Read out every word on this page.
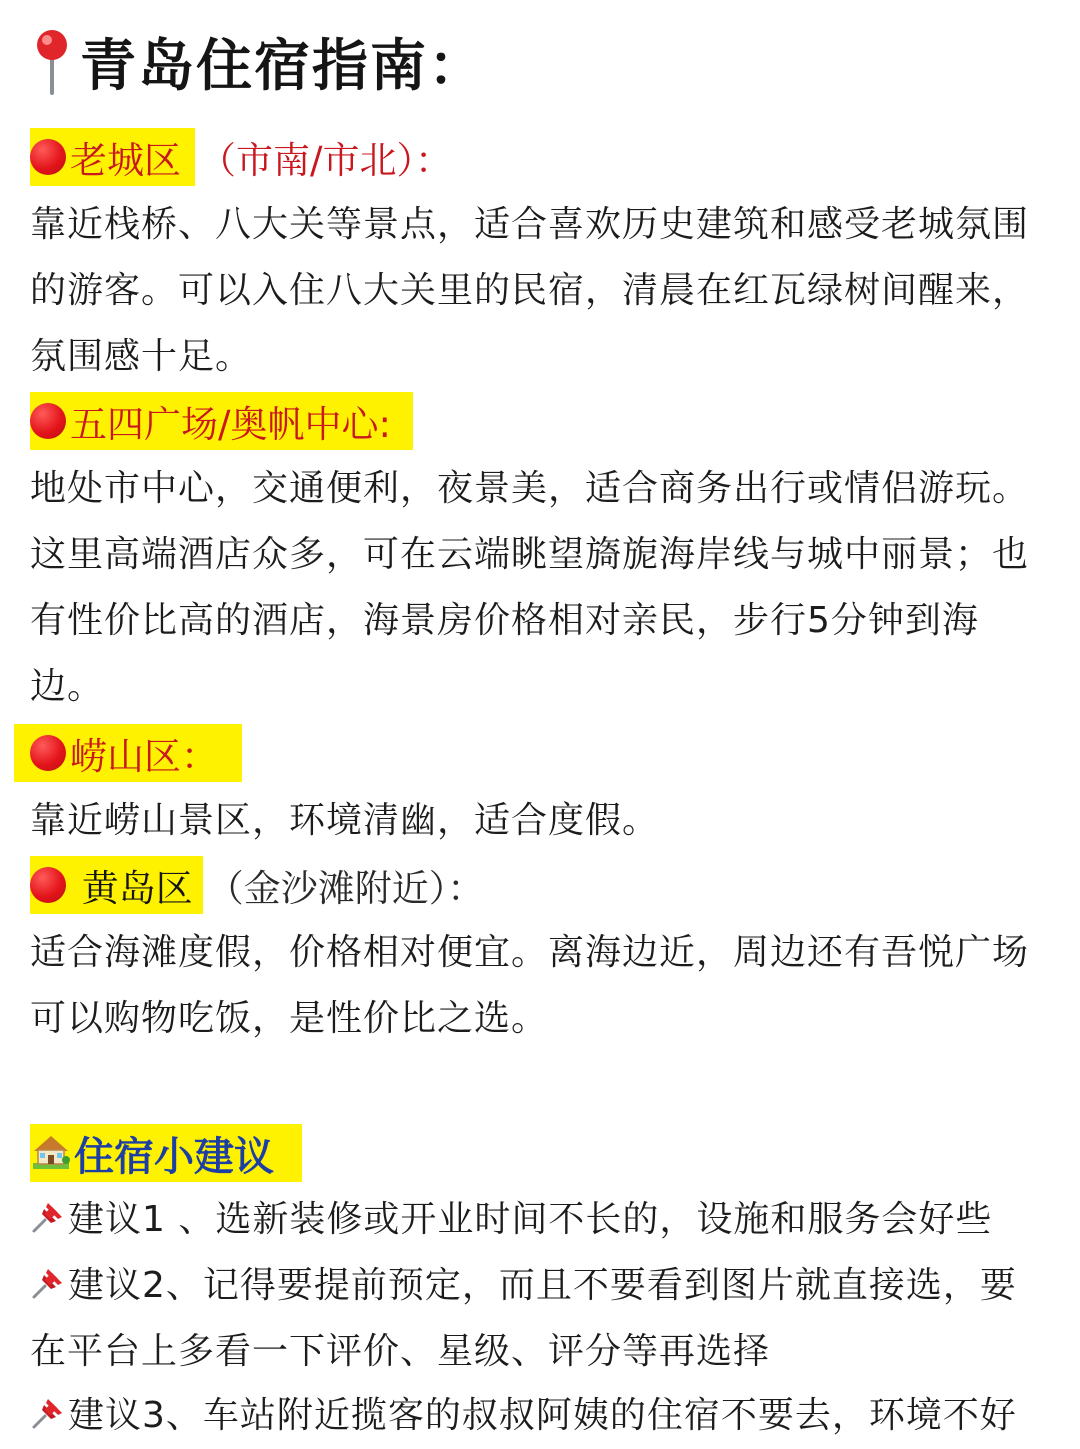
青岛住宿指南：
老城区 （市南/市北）：

靠近栈桥、八大关等景点，适合喜欢历史建筑和感受老城氛围的游客。可以入住八大关里的民宿，清晨在红瓦绿树间醒来，氛围感十足。

五四广场/奥帆中心:

地处市中心，交通便利，夜景美，适合商务出行或情侣游玩。这里高端酒店众多，可在云端眺望旖旎海岸线与城中丽景；也有性价比高的酒店，海景房价格相对亲民，步行5分钟到海边。

崂山区：

靠近崂山景区，环境清幽，适合度假。

黄岛区 （金沙滩附近）：

适合海滩度假，价格相对便宜。离海边近，周边还有吾悦广场可以购物吃饭，是性价比之选。

住宿小建议
建议1 、选新装修或开业时间不长的，设施和服务会好些
建议2、记得要提前预定，而且不要看到图片就直接选，要在平台上多看一下评价、星级、评分等再选择
建议3、车站附近揽客的叔叔阿姨的住宿不要去，环境不好
